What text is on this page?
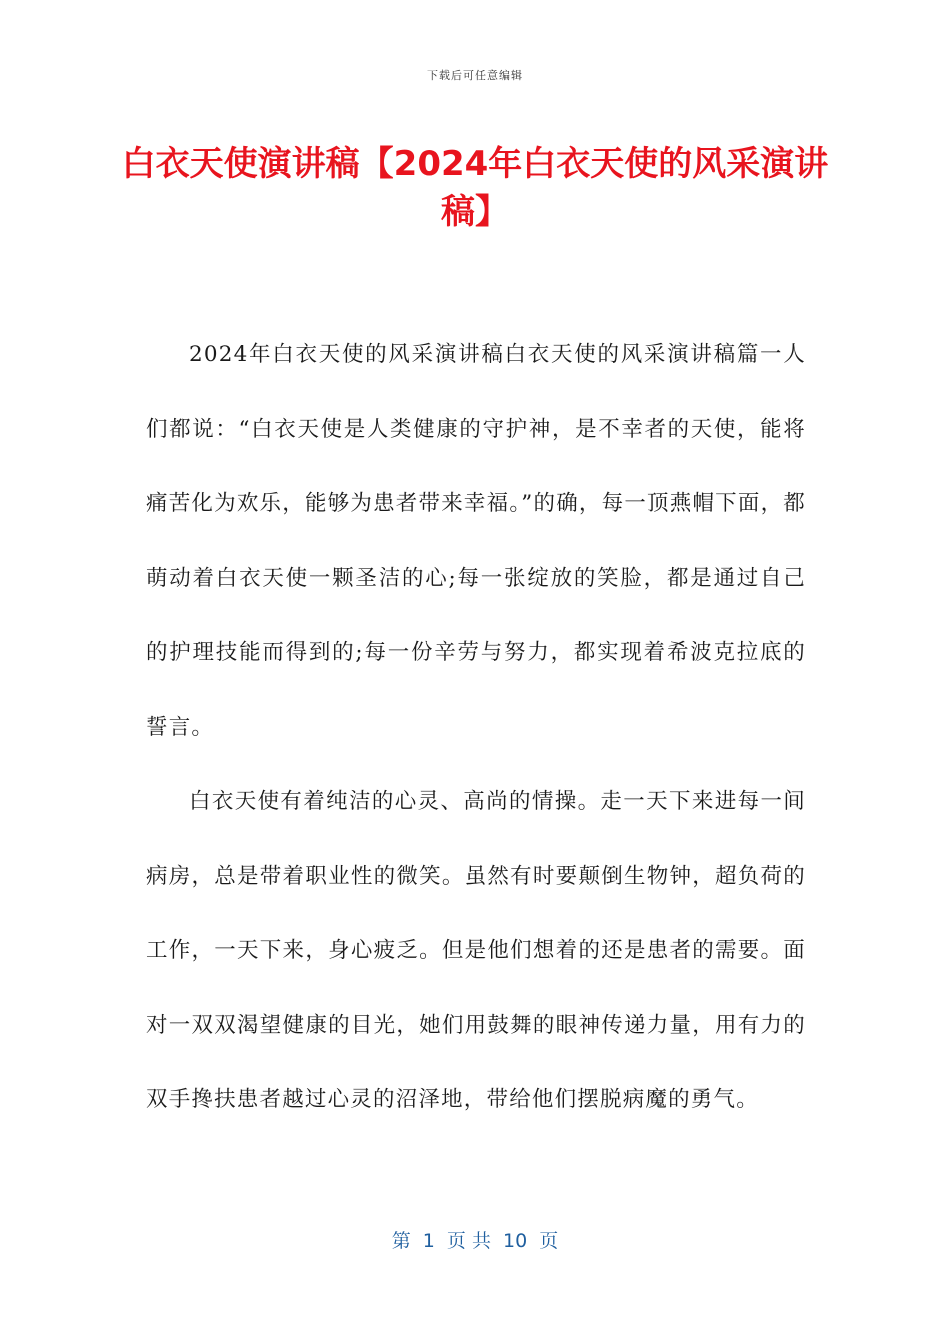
下载后可任意编辑
白衣天使演讲稿【2024年白衣天使的风采演讲稿】

2024年白衣天使的风采演讲稿白衣天使的风采演讲稿篇一人们都说：“白衣天使是人类健康的守护神，是不幸者的天使，能将痛苦化为欢乐，能够为患者带来幸福。”的确，每一顶燕帽下面，都萌动着白衣天使一颗圣洁的心;每一张绽放的笑脸，都是通过自己的护理技能而得到的;每一份辛劳与努力，都实现着希波克拉底的誓言。

白衣天使有着纯洁的心灵、高尚的情操。走一天下来进每一间病房，总是带着职业性的微笑。虽然有时要颠倒生物钟，超负荷的工作，一天下来，身心疲乏。但是他们想着的还是患者的需要。面对一双双渴望健康的目光，她们用鼓舞的眼神传递力量，用有力的双手搀扶患者越过心灵的沼泽地，带给他们摆脱病魔的勇气。

第  1  页 共  10  页
